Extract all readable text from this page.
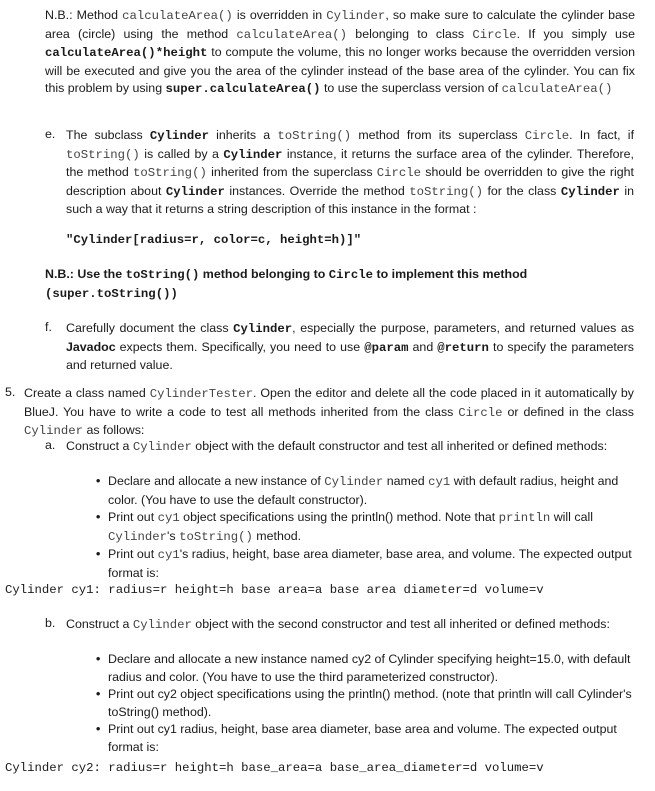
N.B.: Method calculateArea() is overridden in Cylinder, so make sure to calculate the cylinder base area (circle) using the method calculateArea() belonging to class Circle. If you simply use calculateArea()*height to compute the volume, this no longer works because the overridden version will be executed and give you the area of the cylinder instead of the base area of the cylinder. You can fix this problem by using super.calculateArea() to use the superclass version of calculateArea()
e. The subclass Cylinder inherits a toString() method from its superclass Circle. In fact, if toString() is called by a Cylinder instance, it returns the surface area of the cylinder. Therefore, the method toString() inherited from the superclass Circle should be overridden to give the right description about Cylinder instances. Override the method toString() for the class Cylinder in such a way that it returns a string description of this instance in the format :
"Cylinder[radius=r, color=c, height=h)]"
N.B.: Use the toString() method belonging to Circle to implement this method
(super.toString())
f. Carefully document the class Cylinder, especially the purpose, parameters, and returned values as Javadoc expects them. Specifically, you need to use @param and @return to specify the parameters and returned value.
5. Create a class named CylinderTester. Open the editor and delete all the code placed in it automatically by BlueJ. You have to write a code to test all methods inherited from the class Circle or defined in the class Cylinder as follows:
a. Construct a Cylinder object with the default constructor and test all inherited or defined methods:
• Declare and allocate a new instance of Cylinder named cy1 with default radius, height and color. (You have to use the default constructor).
• Print out cy1 object specifications using the println() method. Note that println will call Cylinder's toString() method.
• Print out cy1's radius, height, base area diameter, base area, and volume. The expected output format is:
Cylinder cy1: radius=r height=h base area=a base area diameter=d volume=v
b. Construct a Cylinder object with the second constructor and test all inherited or defined methods:
• Declare and allocate a new instance named cy2 of Cylinder specifying height=15.0, with default radius and color. (You have to use the third parameterized constructor).
• Print out cy2 object specifications using the println() method. (note that println will call Cylinder's toString() method).
• Print out cy1 radius, height, base area diameter, base area and volume. The expected output format is:
Cylinder cy2: radius=r height=h base_area=a base_area_diameter=d volume=v
